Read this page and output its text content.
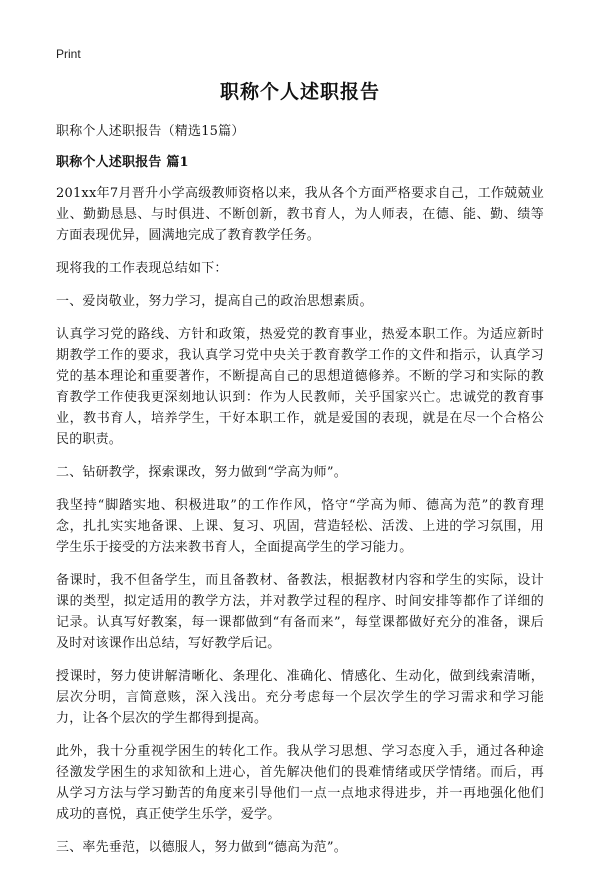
Print
职称个人述职报告

职称个人述职报告（精选15篇）

职称个人述职报告 篇1

201xx年7月晋升小学高级教师资格以来，我从各个方面严格要求自己，工作兢兢业业、勤勤恳恳、与时俱进、不断创新，教书育人，为人师表，在德、能、勤、绩等方面表现优异，圆满地完成了教育教学任务。

现将我的工作表现总结如下：

一、爱岗敬业，努力学习，提高自己的政治思想素质。

认真学习党的路线、方针和政策，热爱党的教育事业，热爱本职工作。为适应新时期教学工作的要求，我认真学习党中央关于教育教学工作的文件和指示，认真学习党的基本理论和重要著作，不断提高自己的思想道德修养。不断的学习和实际的教育教学工作使我更深刻地认识到：作为人民教师，关乎国家兴亡。忠诚党的教育事业，教书育人，培养学生，干好本职工作，就是爱国的表现，就是在尽一个合格公民的职责。

二、钻研教学，探索课改，努力做到“学高为师”。

我坚持“脚踏实地、积极进取”的工作作风，恪守“学高为师、德高为范”的教育理念，扎扎实实地备课、上课、复习、巩固，营造轻松、活泼、上进的学习氛围，用学生乐于接受的方法来教书育人，全面提高学生的学习能力。

备课时，我不但备学生，而且备教材、备教法，根据教材内容和学生的实际，设计课的类型，拟定适用的教学方法，并对教学过程的程序、时间安排等都作了详细的记录。认真写好教案，每一课都做到“有备而来”，每堂课都做好充分的准备，课后及时对该课作出总结，写好教学后记。

授课时，努力使讲解清晰化、条理化、准确化、情感化、生动化，做到线索清晰，层次分明，言简意赅，深入浅出。充分考虑每一个层次学生的学习需求和学习能力，让各个层次的学生都得到提高。

此外，我十分重视学困生的转化工作。我从学习思想、学习态度入手，通过各种途径激发学困生的求知欲和上进心，首先解决他们的畏难情绪或厌学情绪。而后，再从学习方法与学习勤苦的角度来引导他们一点一点地求得进步，并一再地强化他们成功的喜悦，真正使学生乐学，爱学。

三、率先垂范，以德服人，努力做到“德高为范”。
